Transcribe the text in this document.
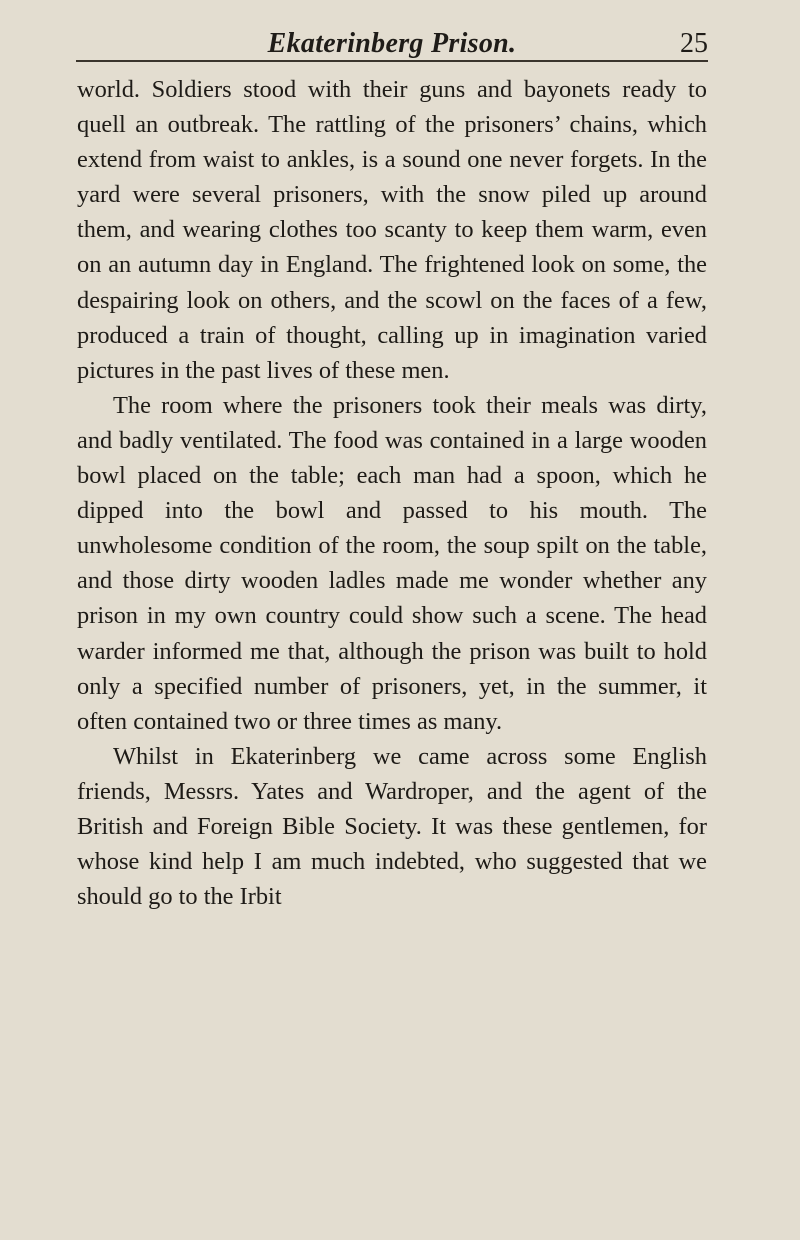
Ekaterinberg Prison.	25

world. Soldiers stood with their guns and bayonets ready to quell an outbreak. The rattling of the prisoners’ chains, which extend from waist to ankles, is a sound one never forgets. In the yard were several prisoners, with the snow piled up around them, and wearing clothes too scanty to keep them warm, even on an autumn day in England. The frightened look on some, the despairing look on others, and the scowl on the faces of a few, produced a train of thought, calling up in imagination varied pictures in the past lives of these men.

The room where the prisoners took their meals was dirty, and badly ventilated. The food was contained in a large wooden bowl placed on the table; each man had a spoon, which he dipped into the bowl and passed to his mouth. The unwholesome condition of the room, the soup spilt on the table, and those dirty wooden ladles made me wonder whether any prison in my own country could show such a scene. The head warder informed me that, although the prison was built to hold only a specified number of prisoners, yet, in the summer, it often contained two or three times as many.

Whilst in Ekaterinberg we came across some English friends, Messrs. Yates and Wardroper, and the agent of the British and Foreign Bible Society. It was these gentlemen, for whose kind help I am much indebted, who suggested that we should go to the Irbit
